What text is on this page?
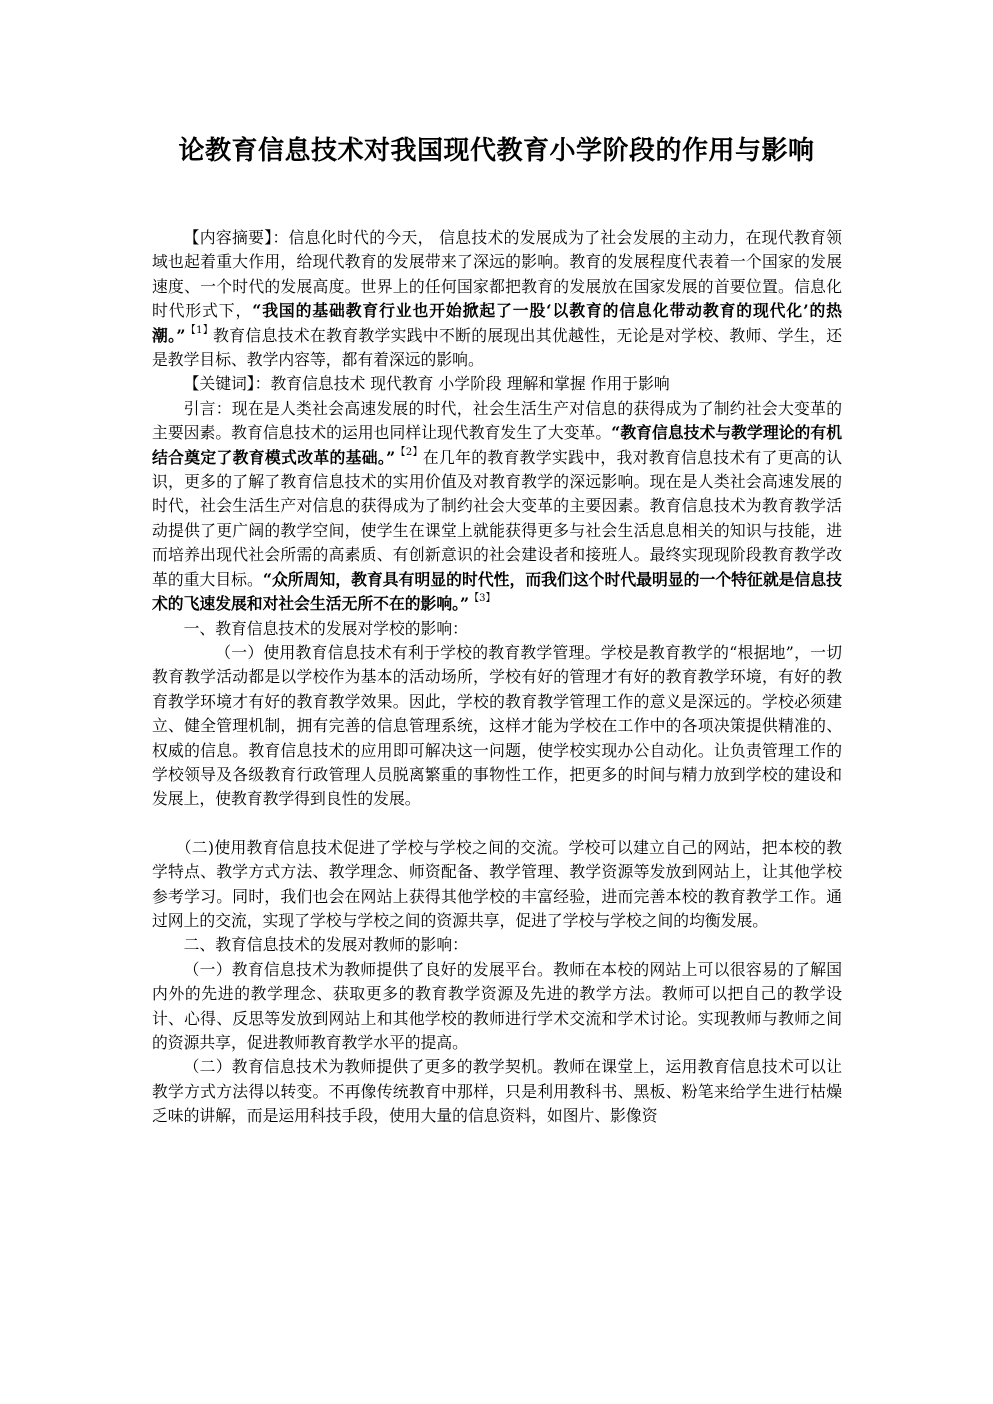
论教育信息技术对我国现代教育小学阶段的作用与影响

【内容摘要】：信息化时代的今天， 信息技术的发展成为了社会发展的主动力，在现代教育领域也起着重大作用，给现代教育的发展带来了深远的影响。教育的发展程度代表着一个国家的发展速度、一个时代的发展高度。世界上的任何国家都把教育的发展放在国家发展的首要位置。信息化时代形式下，“我国的基础教育行业也开始掀起了一股‘以教育的信息化带动教育的现代化’的热潮。”$^{【1】}$教育信息技术在教育教学实践中不断的展现出其优越性，无论是对学校、教师、学生，还是教学目标、教学内容等，都有着深远的影响。

【关键词】：教育信息技术 现代教育 小学阶段 理解和掌握 作用于影响

引言：现在是人类社会高速发展的时代，社会生活生产对信息的获得成为了制约社会大变革的主要因素。教育信息技术的运用也同样让现代教育发生了大变革。“教育信息技术与教学理论的有机结合奠定了教育模式改革的基础。”$^{【2】}$在几年的教育教学实践中，我对教育信息技术有了更高的认识，更多的了解了教育信息技术的实用价值及对教育教学的深远影响。现在是人类社会高速发展的时代，社会生活生产对信息的获得成为了制约社会大变革的主要因素。教育信息技术为教育教学活动提供了更广阔的教学空间，使学生在课堂上就能获得更多与社会生活息息相关的知识与技能，进而培养出现代社会所需的高素质、有创新意识的社会建设者和接班人。最终实现现阶段教育教学改革的重大目标。“众所周知，教育具有明显的时代性，而我们这个时代最明显的一个特征就是信息技术的飞速发展和对社会生活无所不在的影响。”$^{【3】}$

一、教育信息技术的发展对学校的影响：

（一）使用教育信息技术有利于学校的教育教学管理。学校是教育教学的“根据地”，一切教育教学活动都是以学校作为基本的活动场所，学校有好的管理才有好的教育教学环境，有好的教育教学环境才有好的教育教学效果。因此，学校的教育教学管理工作的意义是深远的。学校必须建立、健全管理机制，拥有完善的信息管理系统，这样才能为学校在工作中的各项决策提供精准的、权威的信息。教育信息技术的应用即可解决这一问题，使学校实现办公自动化。让负责管理工作的学校领导及各级教育行政管理人员脱离繁重的事物性工作，把更多的时间与精力放到学校的建设和发展上，使教育教学得到良性的发展。

（二)使用教育信息技术促进了学校与学校之间的交流。学校可以建立自己的网站，把本校的教学特点、教学方式方法、教学理念、师资配备、教学管理、教学资源等发放到网站上，让其他学校参考学习。同时，我们也会在网站上获得其他学校的丰富经验，进而完善本校的教育教学工作。通过网上的交流，实现了学校与学校之间的资源共享，促进了学校与学校之间的均衡发展。

二、教育信息技术的发展对教师的影响：

（一）教育信息技术为教师提供了良好的发展平台。教师在本校的网站上可以很容易的了解国内外的先进的教学理念、获取更多的教育教学资源及先进的教学方法。教师可以把自己的教学设计、心得、反思等发放到网站上和其他学校的教师进行学术交流和学术讨论。实现教师与教师之间的资源共享，促进教师教育教学水平的提高。

（二）教育信息技术为教师提供了更多的教学契机。教师在课堂上，运用教育信息技术可以让教学方式方法得以转变。不再像传统教育中那样，只是利用教科书、黑板、粉笔来给学生进行枯燥乏味的讲解，而是运用科技手段，使用大量的信息资料，如图片、影像资
